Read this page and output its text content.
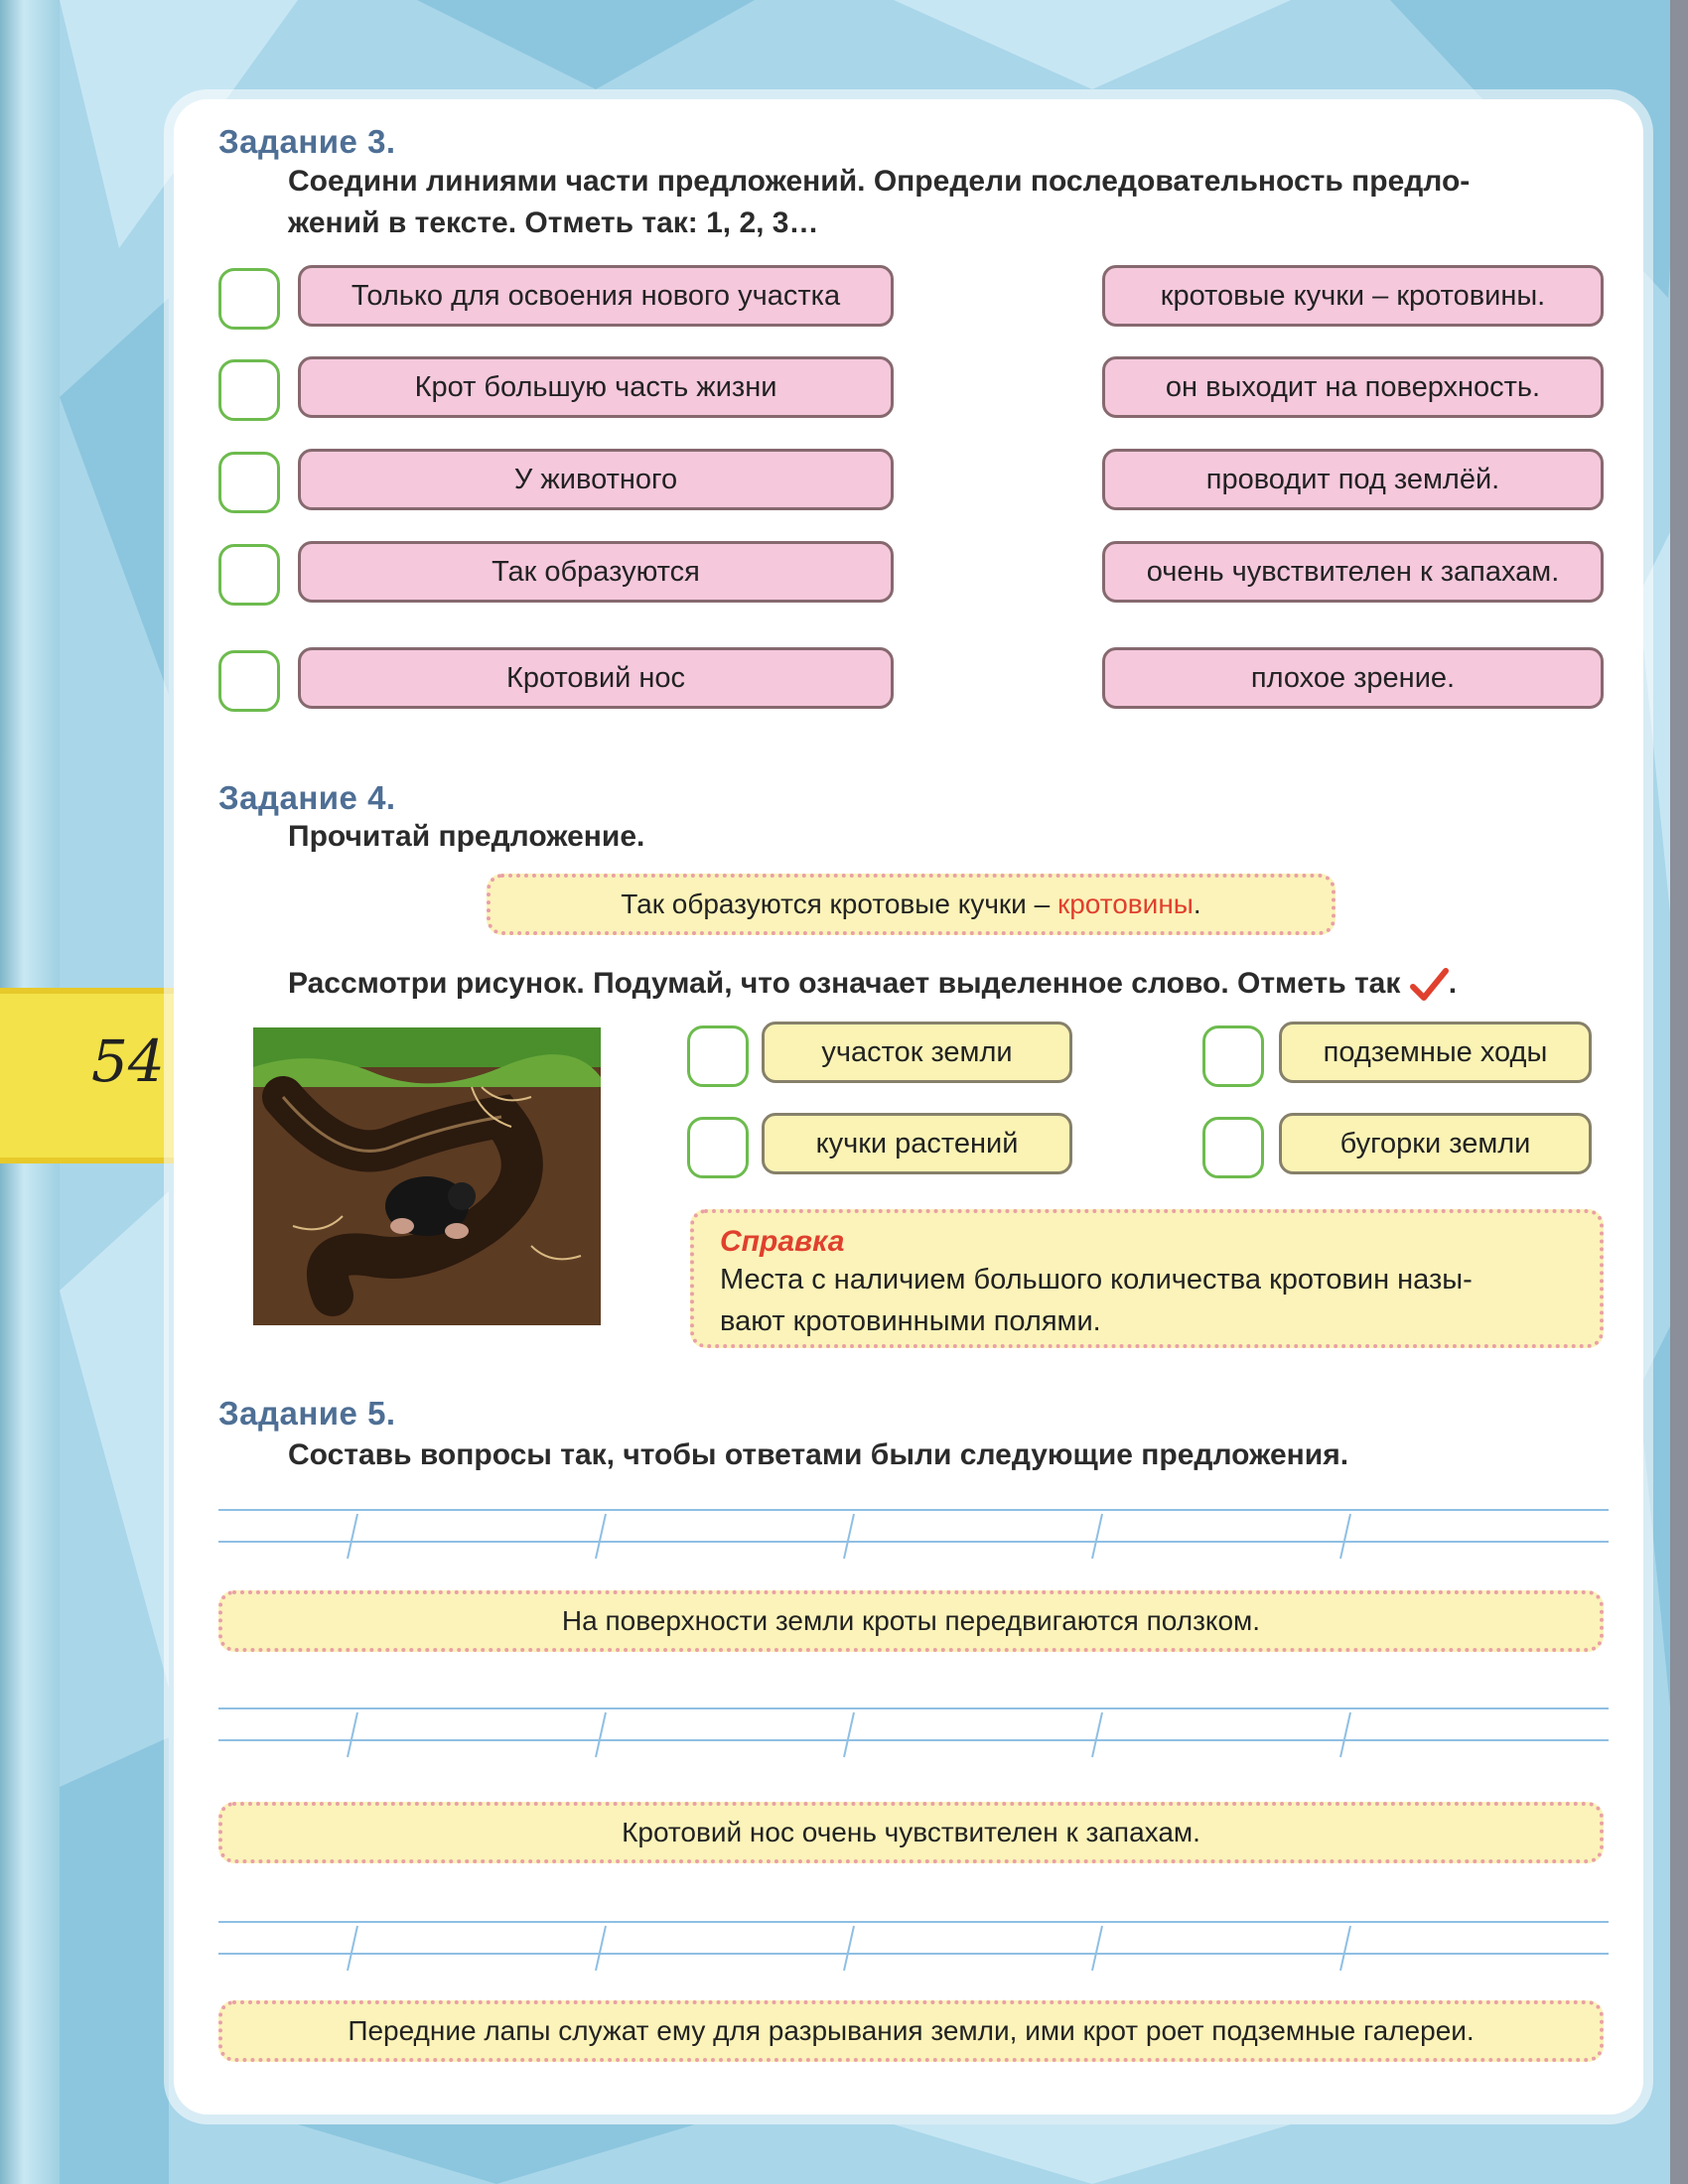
54
Задание 3.
Соедини линиями части предложений. Определи последовательность предло-
жений в тексте. Отметь так: 1, 2, 3…
Только для освоения нового участка	кротовые кучки – кротовины.
Крот большую часть жизни	он выходит на поверхность.
У животного	проводит под землёй.
Так образуются	очень чувствителен к запахам.
Кротовий нос	плохое зрение.
Задание 4.
Прочитай предложение.
Так образуются кротовые кучки –
кротовины .
Рассмотри рисунок. Подумай, что означает выделенное слово. Отметь так .
участок земли	подземные ходы
кучки растений	бугорки земли
Справка
Места с наличием большого количества кротовин назы-
вают кротовинными полями.
Задание 5.
Составь вопросы так, чтобы ответами были следующие предложения.
На поверхности земли кроты передвигаются ползком.
Кротовий нос очень чувствителен к запахам.
Передние лапы служат ему для разрывания земли, ими крот роет подземные галереи.
